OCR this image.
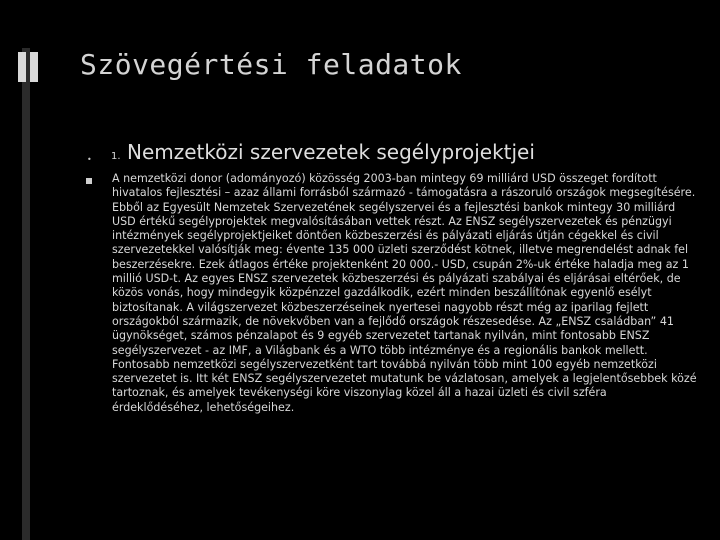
Szövegértési feladatok
• 1. Nemzetközi szervezetek segélyprojektjei

A nemzetközi donor (adományozó) közösség 2003-ban mintegy 69 milliárd USD összeget fordított hivatalos fejlesztési – azaz állami forrásból származó - támogatásra a rászoruló országok megsegítésére. Ebből az Egyesült Nemzetek Szervezetének segélyszervei és a fejlesztési bankok mintegy 30 milliárd USD értékű segélyprojektek megvalósításában vettek részt. Az ENSZ segélyszervezetek és pénzügyi intézmények segélyprojektjeiket döntően közbeszerzési és pályázati eljárás útján cégekkel és civil szervezetekkel valósítják meg: évente 135 000 üzleti szerződést kötnek, illetve megrendelést adnak fel beszerzésekre. Ezek átlagos értéke projektenként 20 000.- USD, csupán 2%-uk értéke haladja meg az 1 millió USD-t. Az egyes ENSZ szervezetek közbeszerzési és pályázati szabályai és eljárásai eltérőek, de közös vonás, hogy mindegyik közpénzzel gazdálkodik, ezért minden beszállítónak egyenlő esélyt biztosítanak. A világszervezet közbeszerzéseinek nyertesei nagyobb részt még az iparilag fejlett országokból származik, de növekvőben van a fejlődő országok részesedése. Az „ENSZ családban” 41 ügynökséget, számos pénzalapot és 9 egyéb szervezetet tartanak nyilván, mint fontosabb ENSZ segélyszervezet - az IMF, a Világbank és a WTO több intézménye és a regionális bankok mellett. Fontosabb nemzetközi segélyszervezetként tart továbbá nyilván több mint 100 egyéb nemzetközi szervezetet is. Itt két ENSZ segélyszervezetet mutatunk be vázlatosan, amelyek a legjelentősebbek közé tartoznak, és amelyek tevékenységi köre viszonylag közel áll a hazai üzleti és civil szféra érdeklődéséhez, lehetőségeihez.
